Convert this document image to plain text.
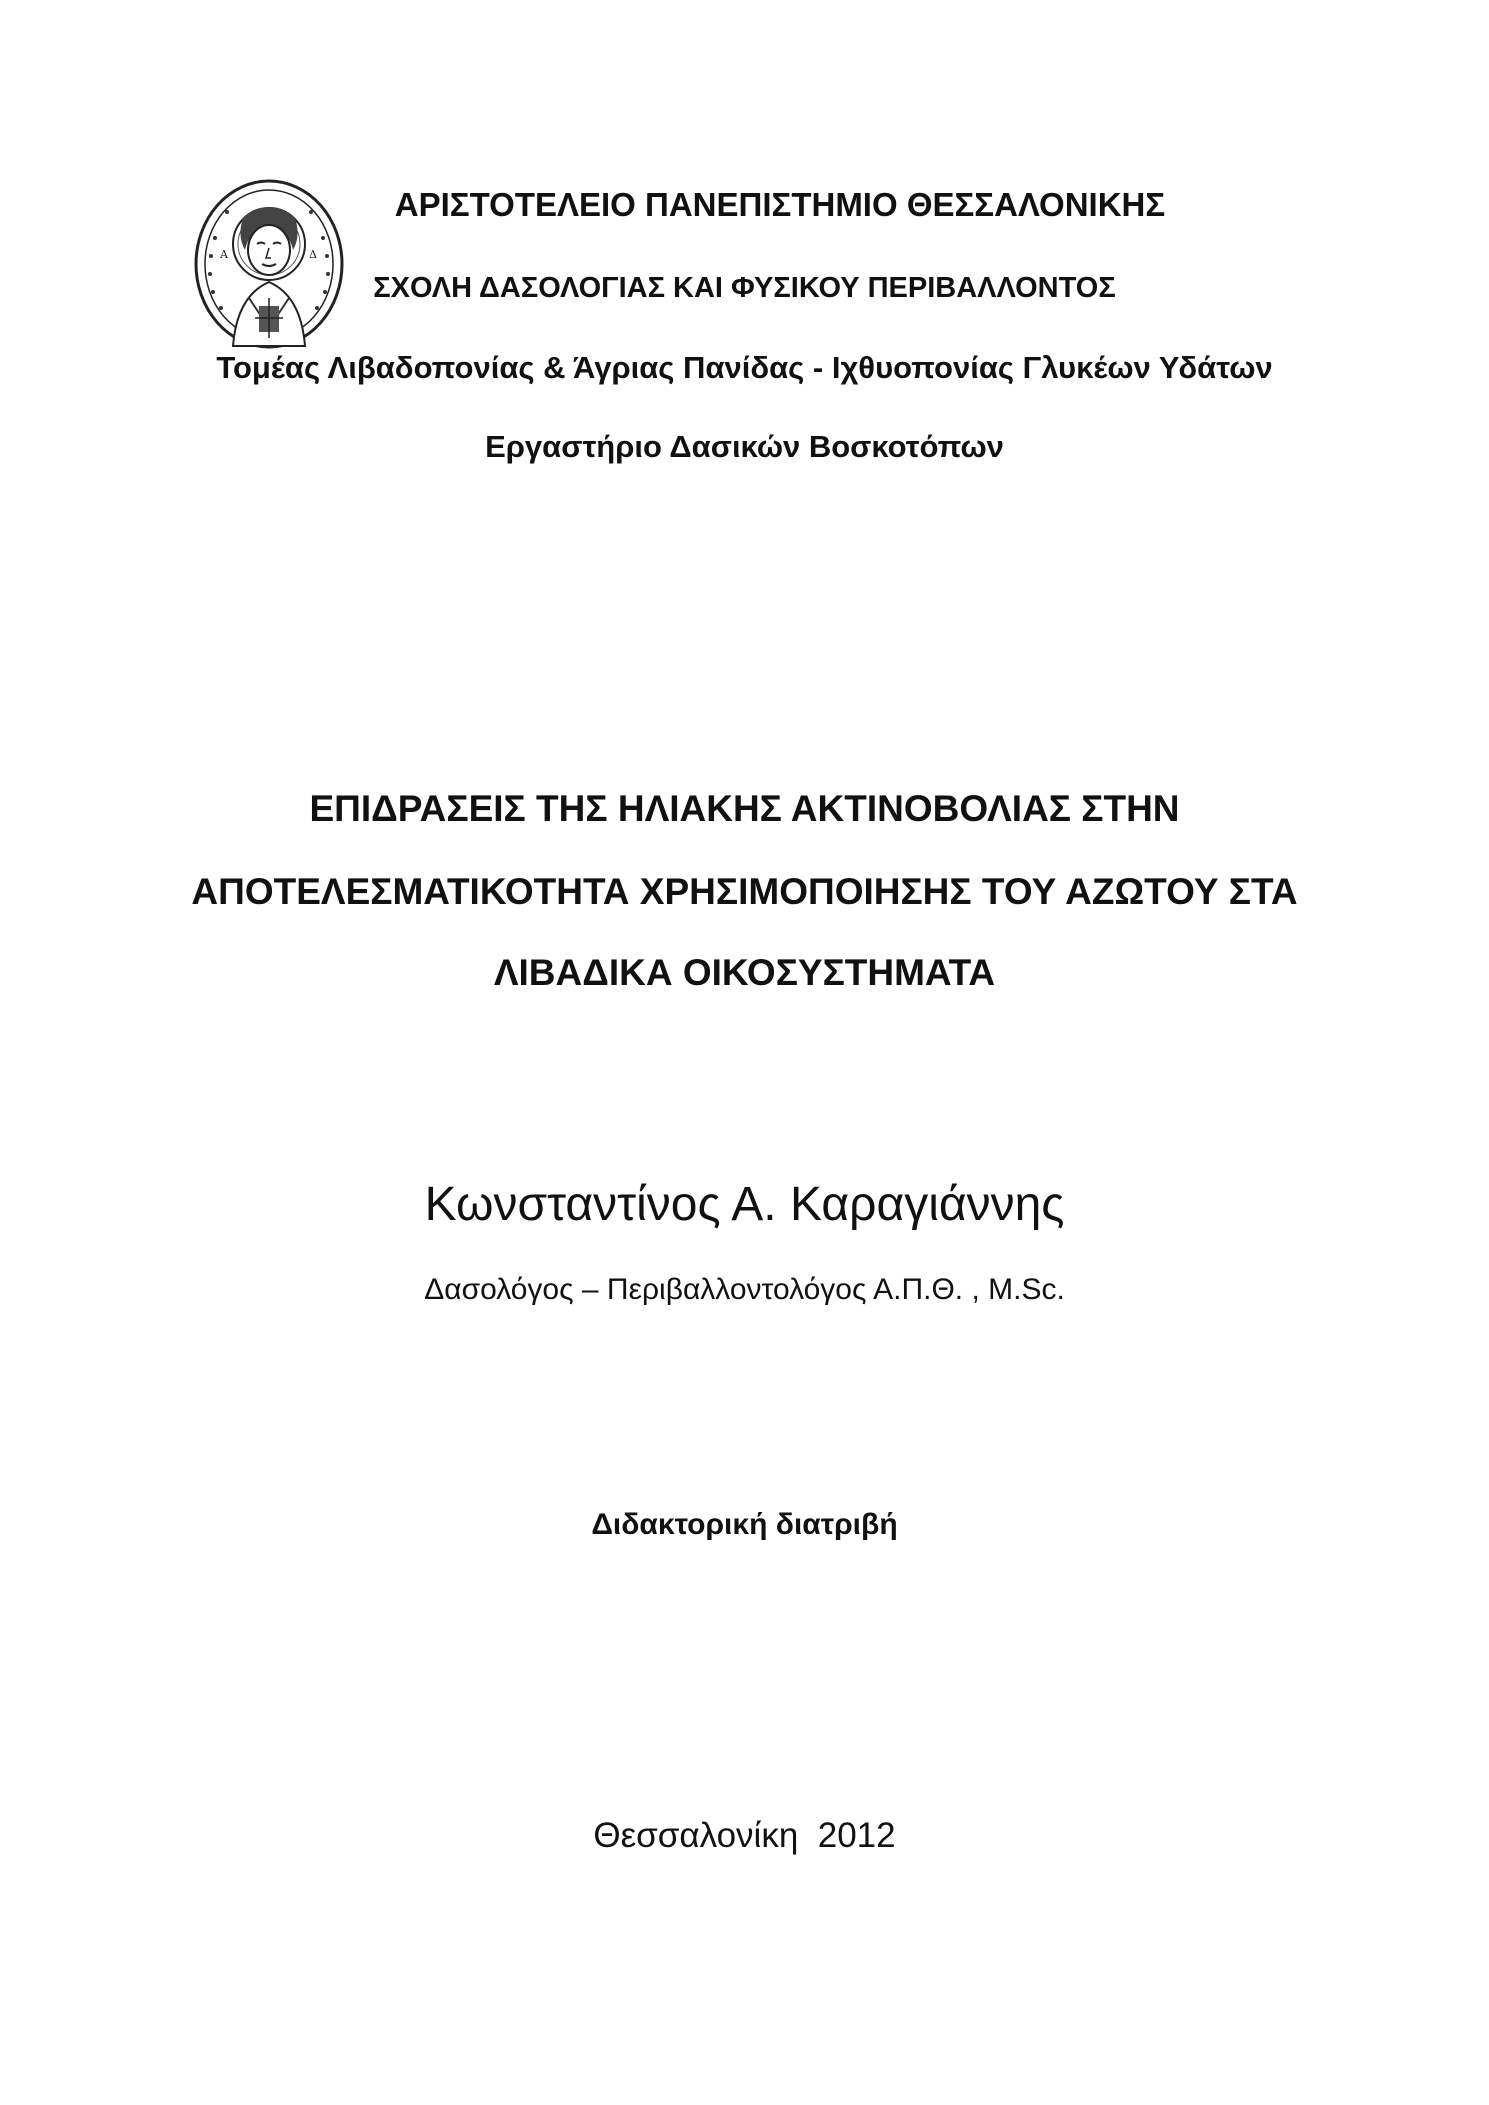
Α	Δ

ΑΡΙΣΤΟΤΕΛΕΙΟ ΠΑΝΕΠΙΣΤΗΜΙΟ ΘΕΣΣΑΛΟΝΙΚΗΣ

ΣΧΟΛΗ ΔΑΣΟΛΟΓΙΑΣ ΚΑΙ ΦΥΣΙΚΟΥ ΠΕΡΙΒΑΛΛΟΝΤΟΣ

Τομέας Λιβαδοπονίας & Άγριας Πανίδας - Ιχθυοπονίας Γλυκέων Υδάτων

Εργαστήριο Δασικών Βοσκοτόπων

ΕΠΙΔΡΑΣΕΙΣ ΤΗΣ ΗΛΙΑΚΗΣ ΑΚΤΙΝΟΒΟΛΙΑΣ ΣΤΗΝ

ΑΠΟΤΕΛΕΣΜΑΤΙΚΟΤΗΤΑ ΧΡΗΣΙΜΟΠΟΙΗΣΗΣ ΤΟΥ ΑΖΩΤΟΥ ΣΤΑ

ΛΙΒΑΔΙΚΑ ΟΙΚΟΣΥΣΤΗΜΑΤΑ

Κωνσταντίνος Α. Καραγιάννης

Δασολόγος – Περιβαλλοντολόγος Α.Π.Θ. , M.Sc.

Διδακτορική διατριβή

Θεσσαλονίκη  2012
